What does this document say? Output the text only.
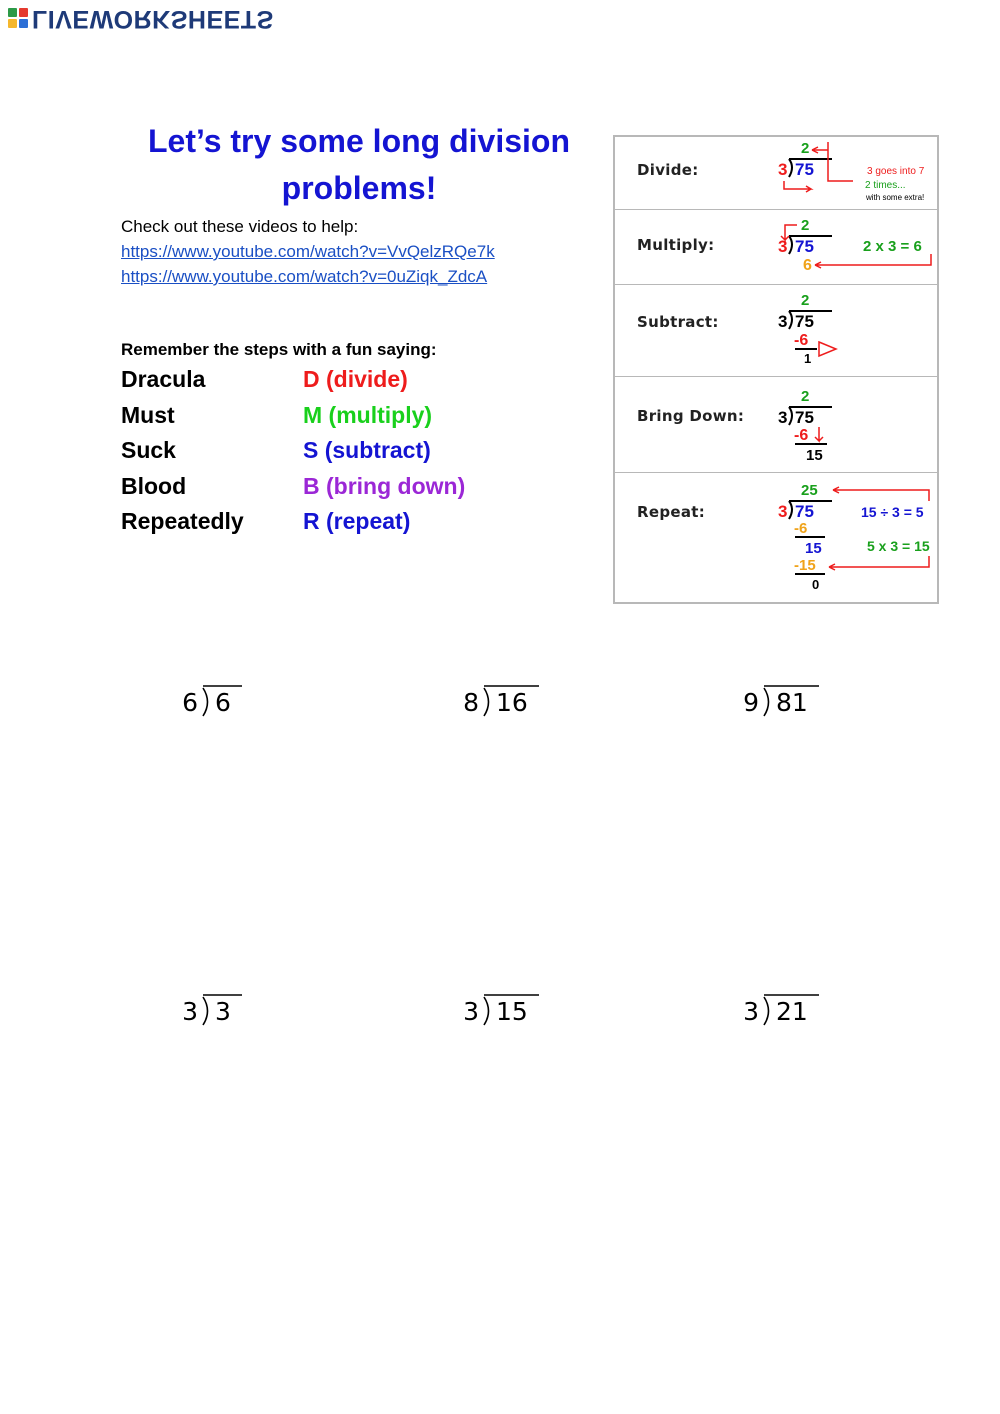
LIVEWORKSHEETS
Let’s try some long division problems!
Check out these videos to help:
https://www.youtube.com/watch?v=VvQelzRQe7k
https://www.youtube.com/watch?v=0uZiqk_ZdcA
Remember the steps with a fun saying:
Dracula	D (divide)
Must	M (multiply)
Suck	S (subtract)
Blood	B (bring down)
Repeatedly	R (repeat)
Divide:
2
3 75	3 goes into 7
2 times...
with some extra!
Multiply:
2
3 75
6
2 x 3 = 6
Subtract:
2
3 75
-6
1
Bring Down:
2
3 75
-6
15
Repeat:
25
3 75
-6
15
-15
0
15 ÷ 3 = 5
5 x 3 = 15
6 6	8 16	9 81
3 3	3 15	3 21
